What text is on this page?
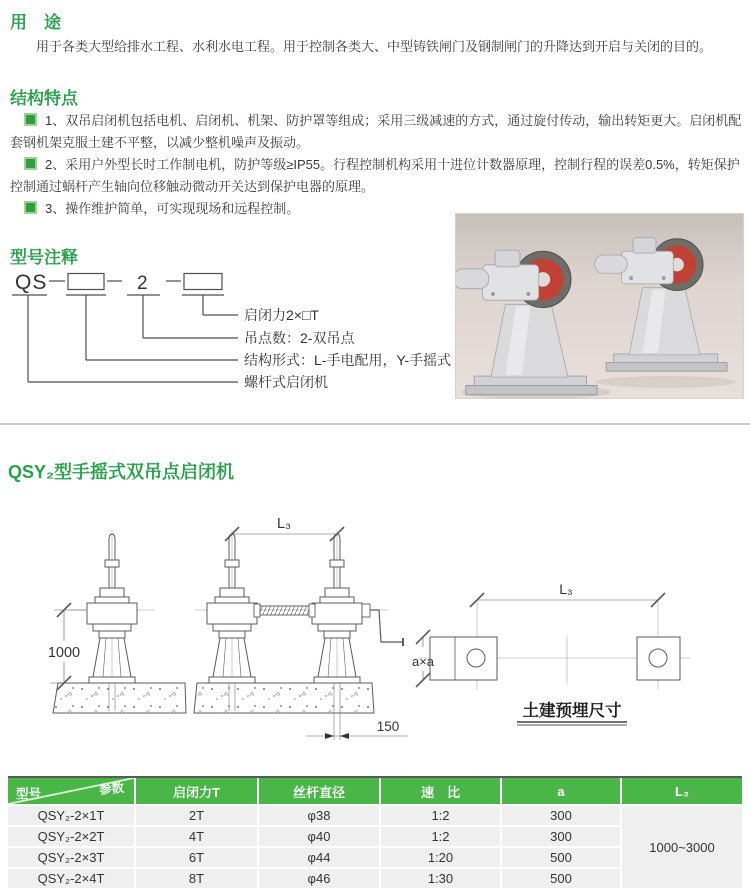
用　途
用于各类大型给排水工程、水利水电工程。用于控制各类大、中型铸铁闸门及钢制闸门的升降达到开启与关闭的目的。
结构特点

1、双吊启闭机包括电机、启闭机、机架、防护罩等组成；采用三级减速的方式，通过旋付传动，输出转矩更大。启闭机配套钢机架克服土建不平整，以减少整机噪声及振动。

2、采用户外型长时工作制电机，防护等级≥IP55。行程控制机构采用十进位计数器原理，控制行程的误差0.5%，转矩保护控制通过蜗杆产生轴向位移触动微动开关达到保护电器的原理。

3、操作维护简单，可实现现场和远程控制。

型号注释
QS	2
启闭力2×□T
吊点数：2-双吊点
结构形式：L-手电配用，Y-手摇式
螺杆式启闭机
QSY₂型手摇式双吊点启闭机
1000
L₃
150
L₃
a×a
土建预埋尺寸
参数
型号	启闭力T	丝杆直径	速　比	a	L₃
QSY₂-2×1T	2T	φ38	1:2	300
1000~3000
QSY₂-2×2T	4T	φ40	1:2	300
QSY₂-2×3T	6T	φ44	1:20	500
QSY₂-2×4T	8T	φ46	1:30	500
